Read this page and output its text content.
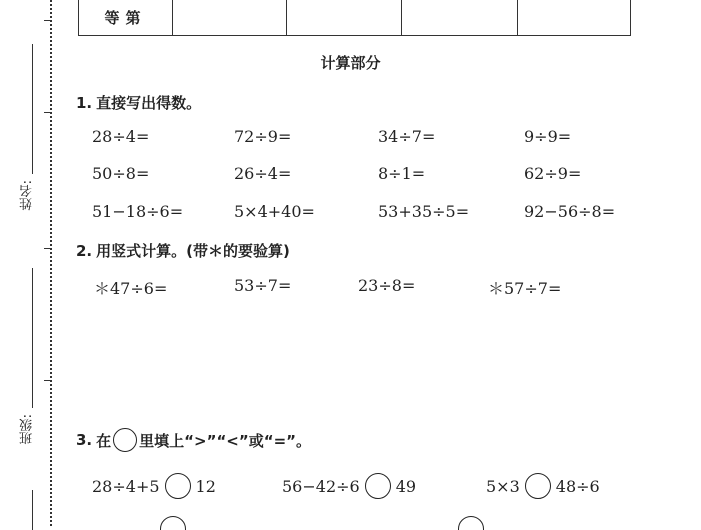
姓名:
班级:
等第
计算部分
1. 直接写出得数。
28÷4=	72÷9=	34÷7=	9÷9=
50÷8=	26÷4=	8÷1=	62÷9=
51−18÷6=	5×4+40=	53+35÷5=	92−56÷8=
2. 用竖式计算。(带＊的要验算)
＊47÷6=	53÷7=	23÷8=	＊57÷7=
3. 在 里填上“>”“<”或“=”。
28÷4+5 12	56−42÷6 49	5×3 48÷6
